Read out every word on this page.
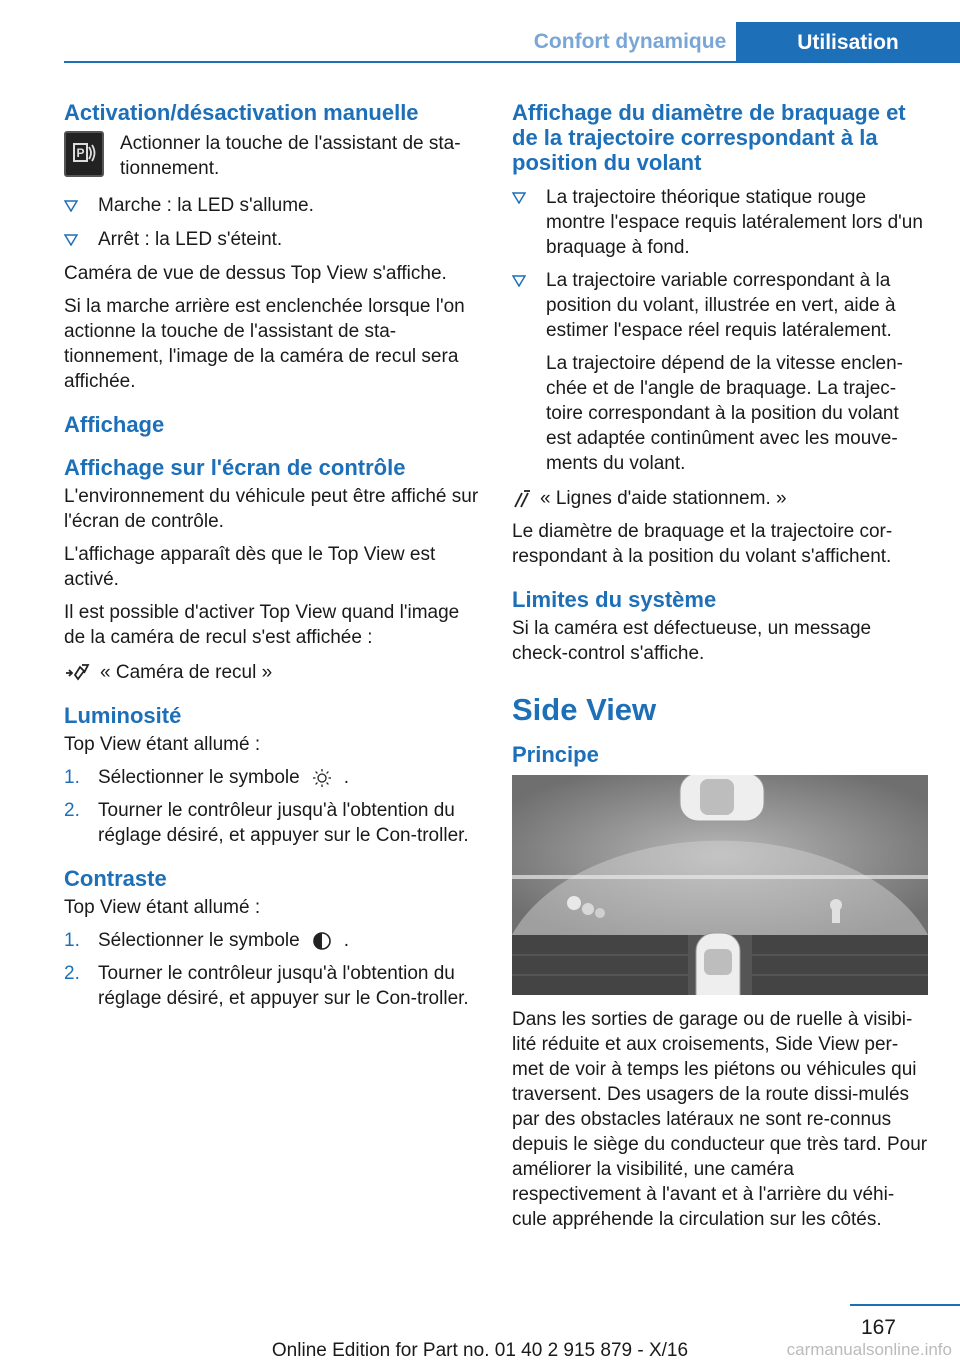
Confort dynamique	Utilisation
Activation/désactivation manuelle
P Actionner la touche de l'assistant de sta-tionnement.

Marche : la LED s'allume.
Arrêt : la LED s'éteint.

Caméra de vue de dessus Top View s'affiche.

Si la marche arrière est enclenchée lorsque l'on actionne la touche de l'assistant de sta-tionnement, l'image de la caméra de recul sera affichée.

Affichage
Affichage sur l'écran de contrôle

L'environnement du véhicule peut être affiché sur l'écran de contrôle.

L'affichage apparaît dès que le Top View est activé.

Il est possible d'activer Top View quand l'image de la caméra de recul s'est affichée :

« Caméra de recul »

Luminosité

Top View étant allumé :

1. Sélectionner le symbole .
2. Tourner le contrôleur jusqu'à l'obtention du réglage désiré, et appuyer sur le Con-troller.
Contraste

Top View étant allumé :

1. Sélectionner le symbole .
2. Tourner le contrôleur jusqu'à l'obtention du réglage désiré, et appuyer sur le Con-troller.
Affichage du diamètre de braquage et de la trajectoire correspondant à la position du volant
La trajectoire théorique statique rouge montre l'espace requis latéralement lors d'un braquage à fond.
La trajectoire variable correspondant à la position du volant, illustrée en vert, aide à estimer l'espace réel requis latéralement.

La trajectoire dépend de la vitesse enclen-chée et de l'angle de braquage. La trajec-toire correspondant à la position du volant est adaptée continûment avec les mouve-ments du volant.

« Lignes d'aide stationnem. »

Le diamètre de braquage et la trajectoire cor-respondant à la position du volant s'affichent.

Limites du système

Si la caméra est défectueuse, un message check-control s'affiche.

Side View
Principe

Dans les sorties de garage ou de ruelle à visibi-lité réduite et aux croisements, Side View per-met de voir à temps les piétons ou véhicules qui traversent. Des usagers de la route dissi-mulés par des obstacles latéraux ne sont re-connus depuis le siège du conducteur que très tard. Pour améliorer la visibilité, une caméra respectivement à l'avant et à l'arrière du véhi-cule appréhende la circulation sur les côtés.

167
Online Edition for Part no. 01 40 2 915 879 - X/16	carmanualsonline.info
